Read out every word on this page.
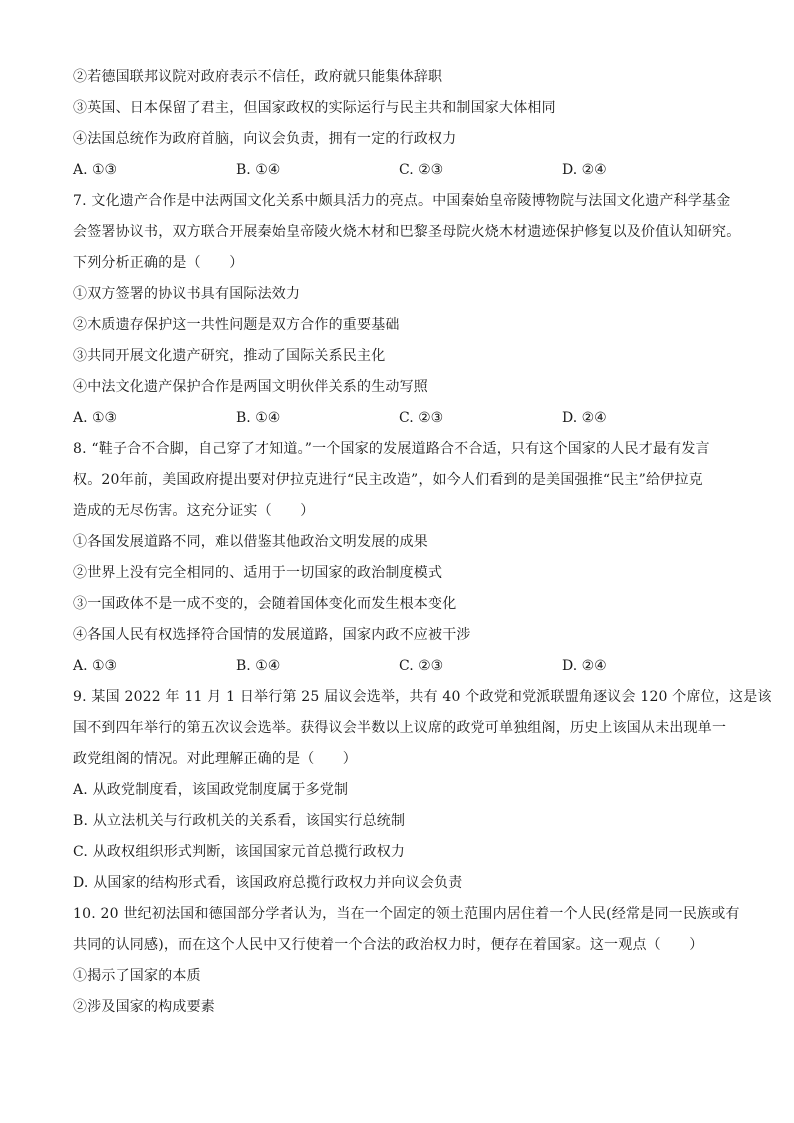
②若德国联邦议院对政府表示不信任，政府就只能集体辞职
③英国、日本保留了君主，但国家政权的实际运行与民主共和制国家大体相同
④法国总统作为政府首脑，向议会负责，拥有一定的行政权力
A. ①③	B. ①④	C. ②③	D. ②④
7. 文化遗产合作是中法两国文化关系中颇具活力的亮点。中国秦始皇帝陵博物院与法国文化遗产科学基金
会签署协议书，双方联合开展秦始皇帝陵火烧木材和巴黎圣母院火烧木材遗迹保护修复以及价值认知研究。
下列分析正确的是（　　）
①双方签署的协议书具有国际法效力
②木质遗存保护这一共性问题是双方合作的重要基础
③共同开展文化遗产研究，推动了国际关系民主化
④中法文化遗产保护合作是两国文明伙伴关系的生动写照
A. ①③	B. ①④	C. ②③	D. ②④
8. “鞋子合不合脚，自己穿了才知道。”一个国家的发展道路合不合适，只有这个国家的人民才最有发言
权。20年前，美国政府提出要对伊拉克进行“民主改造”，如今人们看到的是美国强推“民主”给伊拉克
造成的无尽伤害。这充分证实（　　）
①各国发展道路不同，难以借鉴其他政治文明发展的成果
②世界上没有完全相同的、适用于一切国家的政治制度模式
③一国政体不是一成不变的，会随着国体变化而发生根本变化
④各国人民有权选择符合国情的发展道路，国家内政不应被干涉
A. ①③	B. ①④	C. ②③	D. ②④
9. 某国 2022 年 11 月 1 日举行第 25 届议会选举，共有 40 个政党和党派联盟角逐议会 120 个席位，这是该
国不到四年举行的第五次议会选举。获得议会半数以上议席的政党可单独组阁，历史上该国从未出现单一
政党组阁的情况。对此理解正确的是（　　）
A. 从政党制度看，该国政党制度属于多党制
B. 从立法机关与行政机关的关系看，该国实行总统制
C. 从政权组织形式判断，该国国家元首总揽行政权力
D. 从国家的结构形式看，该国政府总揽行政权力并向议会负责
10. 20 世纪初法国和德国部分学者认为，当在一个固定的领土范围内居住着一个人民(经常是同一民族或有
共同的认同感)，而在这个人民中又行使着一个合法的政治权力时，便存在着国家。这一观点（　　）
①揭示了国家的本质
②涉及国家的构成要素
